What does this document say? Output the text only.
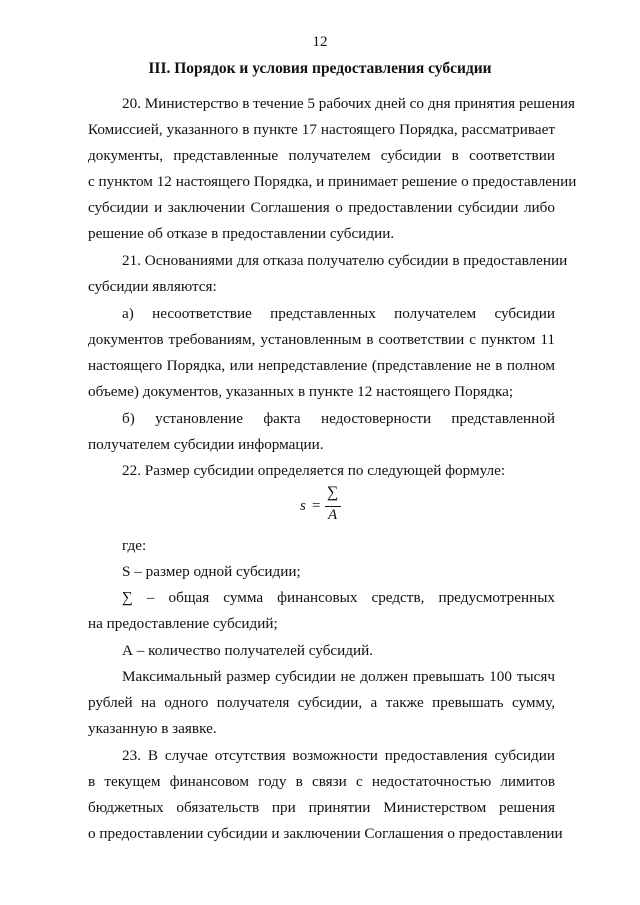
12
III. Порядок и условия предоставления субсидии
20. Министерство в течение 5 рабочих дней со дня принятия решения
Комиссией, указанного в пункте 17 настоящего Порядка, рассматривает
документы, представленные получателем субсидии в соответствии
с пунктом 12 настоящего Порядка, и принимает решение о предоставлении
субсидии и заключении Соглашения о предоставлении субсидии либо
решение об отказе в предоставлении субсидии.
21. Основаниями для отказа получателю субсидии в предоставлении
субсидии являются:
а) несоответствие представленных получателем субсидии
документов требованиям, установленным в соответствии с пунктом 11
настоящего Порядка, или непредставление (представление не в полном
объеме) документов, указанных в пункте 12 настоящего Порядка;
б) установление факта недостоверности представленной
получателем субсидии информации.
22. Размер субсидии определяется по следующей формуле:
s =
∑
A
где:
S – размер одной субсидии;
∑ – общая сумма финансовых средств, предусмотренных
на предоставление субсидий;
А – количество получателей субсидий.
Максимальный размер субсидии не должен превышать 100 тысяч
рублей на одного получателя субсидии, а также превышать сумму,
указанную в заявке.
23. В случае отсутствия возможности предоставления субсидии
в текущем финансовом году в связи с недостаточностью лимитов
бюджетных обязательств при принятии Министерством решения
о предоставлении субсидии и заключении Соглашения о предоставлении
